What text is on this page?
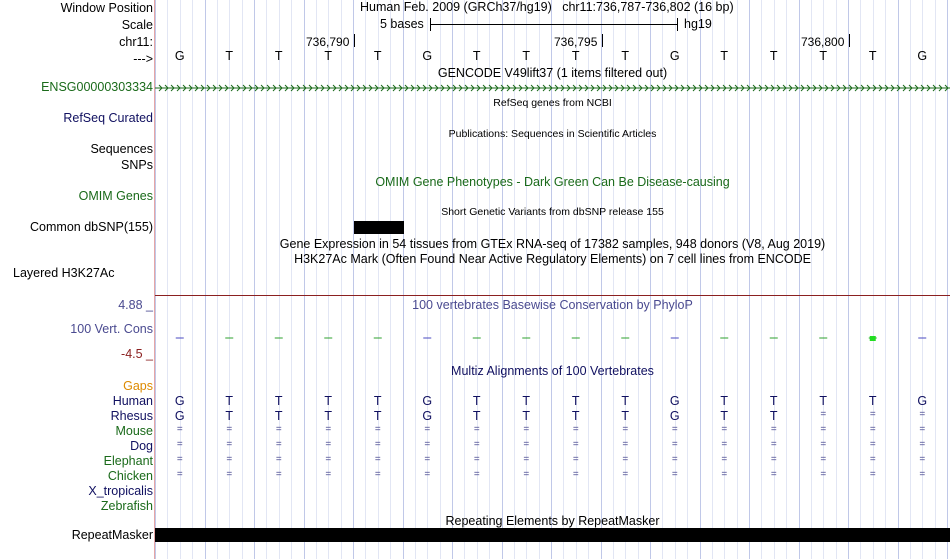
Window Position	Human Feb. 2009 (GRCh37/hg19)   chr11:736,787-736,802 (16 bp)
Scale	5 bases	hg19
chr11:	736,790	736,795	736,800
---> G	T	T	T	T	G	T	T	T	T	G	T	T	T	T	G
GENCODE V49lift37 (1 items filtered out)
ENSG00000303334
RefSeq genes from NCBI
RefSeq Curated
Publications: Sequences in Scientific Articles
Sequences
SNPs
OMIM Gene Phenotypes - Dark Green Can Be Disease-causing
OMIM Genes
Short Genetic Variants from dbSNP release 155
Common dbSNP(155)
Gene Expression in 54 tissues from GTEx RNA-seq of 17382 samples, 948 donors (V8, Aug 2019)
H3K27Ac Mark (Often Found Near Active Regulatory Elements) on 7 cell lines from ENCODE
Layered H3K27Ac
100 vertebrates Basewise Conservation by PhyloP
4.88 _
100 Vert. Cons
-4.5 _
Multiz Alignments of 100 Vertebrates
Gaps
Human G	T	T	T	T	G	T	T	T	T	G	T	T	T	T	G
Rhesus G	T	T	T	T	G	T	T	T	T	G	T	T	=	=	=
Mouse =	=	=	=	=	=	=	=	=	=	=	=	=	=	=	=
Dog =	=	=	=	=	=	=	=	=	=	=	=	=	=	=	=
Elephant =	=	=	=	=	=	=	=	=	=	=	=	=	=	=	=
Chicken =	=	=	=	=	=	=	=	=	=	=	=	=	=	=	=
X_tropicalis
Zebrafish
Repeating Elements by RepeatMasker
RepeatMasker
